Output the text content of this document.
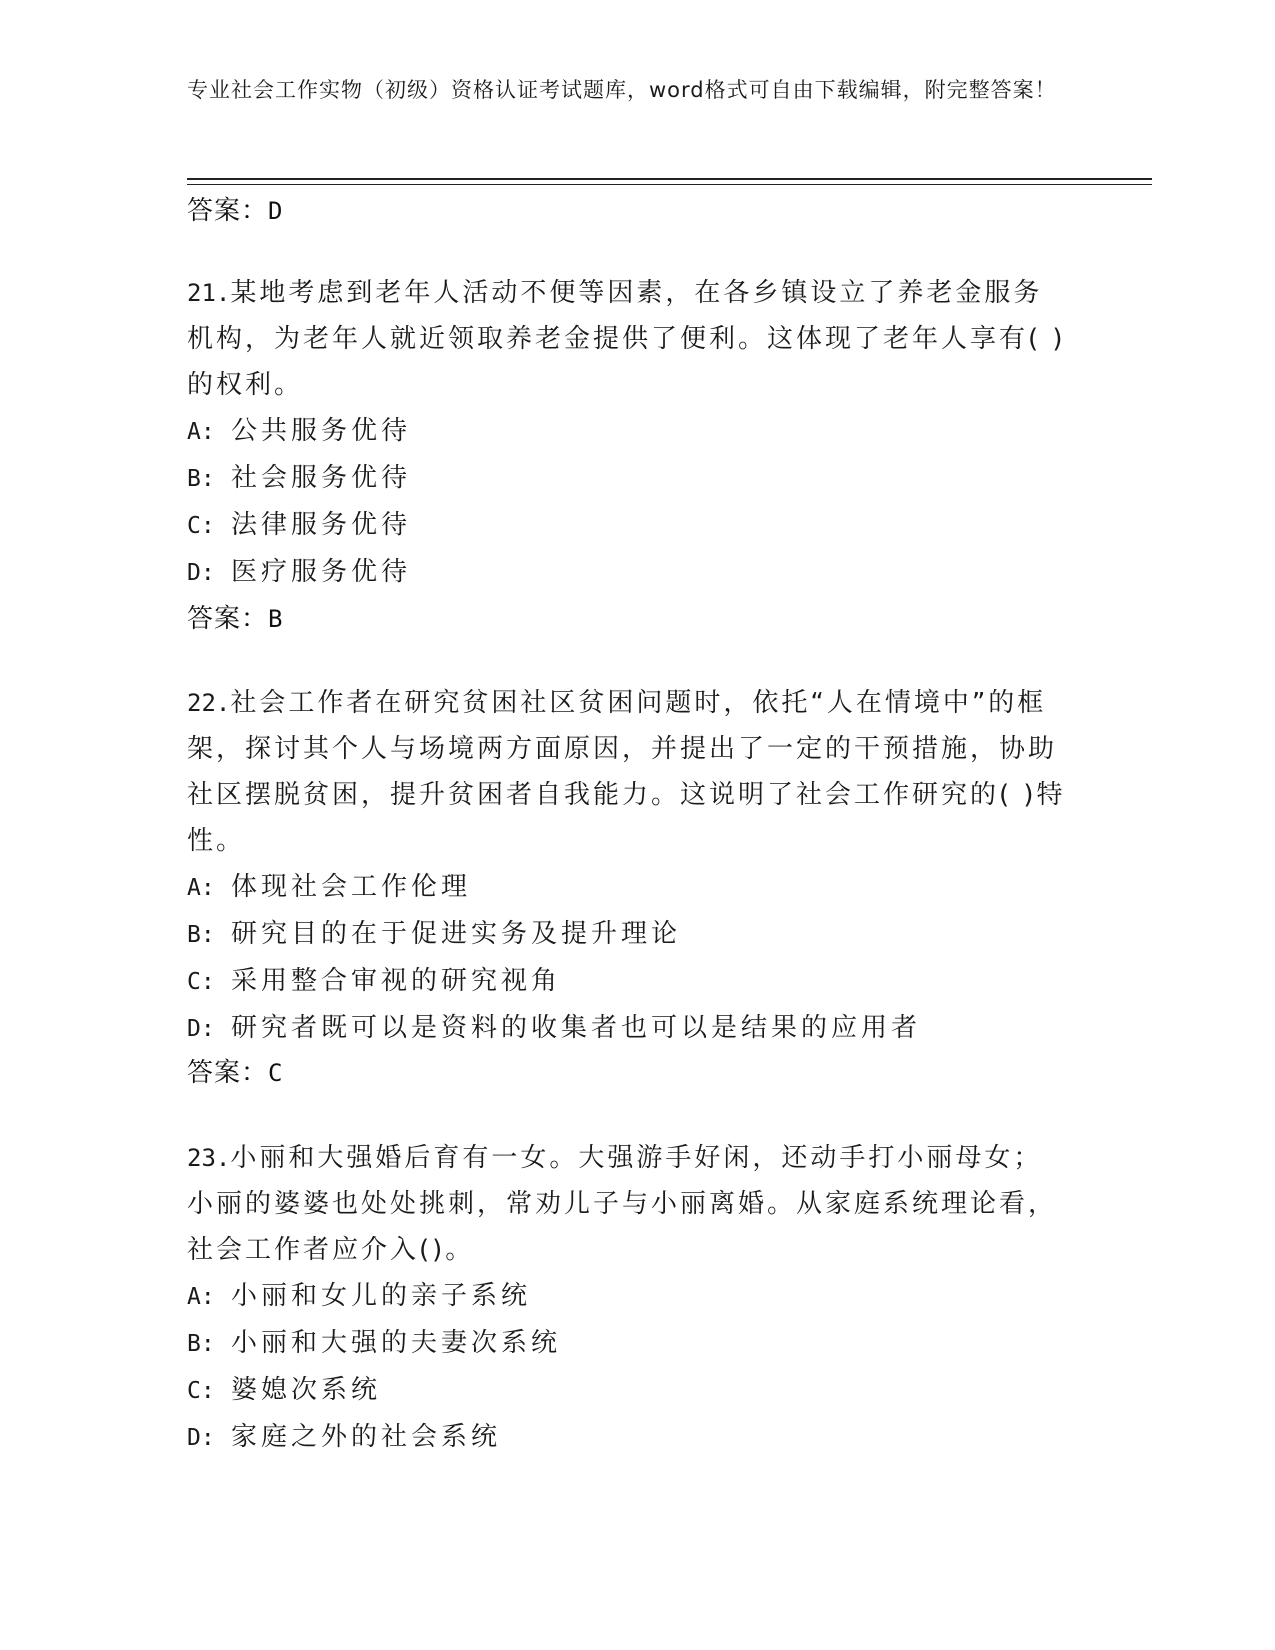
专业社会工作实物（初级）资格认证考试题库，word格式可自由下载编辑，附完整答案！
答案：D

21.某地考虑到老年人活动不便等因素，在各乡镇设立了养老金服务机构，为老年人就近领取养老金提供了便利。这体现了老年人享有( )的权利。

A: 公共服务优待

B: 社会服务优待

C: 法律服务优待

D: 医疗服务优待

答案：B

22.社会工作者在研究贫困社区贫困问题时，依托“人在情境中”的框架，探讨其个人与场境两方面原因，并提出了一定的干预措施，协助社区摆脱贫困，提升贫困者自我能力。这说明了社会工作研究的( )特性。

A: 体现社会工作伦理

B: 研究目的在于促进实务及提升理论

C: 采用整合审视的研究视角

D: 研究者既可以是资料的收集者也可以是结果的应用者

答案：C

23.小丽和大强婚后育有一女。大强游手好闲，还动手打小丽母女；小丽的婆婆也处处挑刺，常劝儿子与小丽离婚。从家庭系统理论看，社会工作者应介入()。

A: 小丽和女儿的亲子系统

B: 小丽和大强的夫妻次系统

C: 婆媳次系统

D: 家庭之外的社会系统
